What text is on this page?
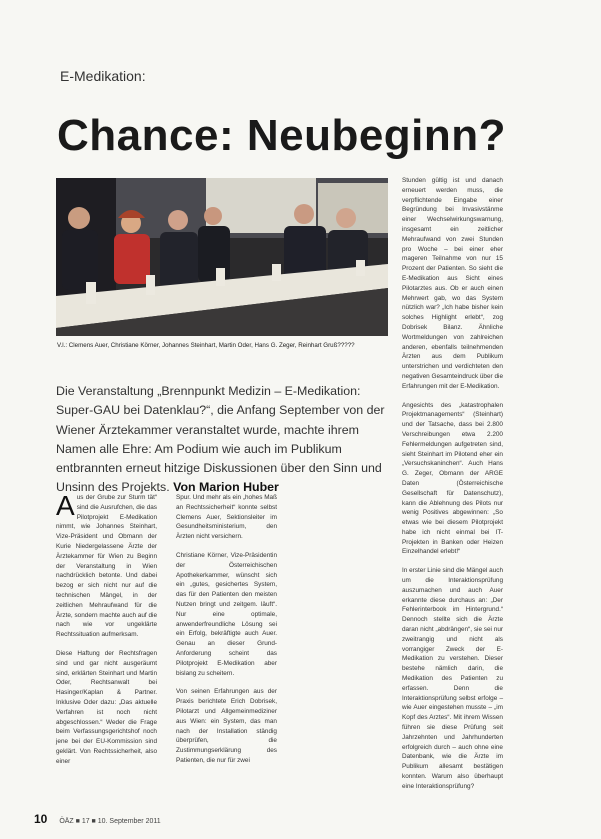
E-Medikation:
Chance: Neubeginn?
V.l.: Clemens Auer, Christiane Körner, Johannes Steinhart, Martin Oder, Hans G. Zeger, Reinhart Gruß?????
Die Veranstaltung „Brennpunkt Medizin – E-Medikation: Super-GAU bei Datenklau?“, die Anfang September von der Wiener Ärztekammer veranstaltet wurde, machte ihrem Namen alle Ehre: Am Podium wie auch im Publikum entbrannten erneut hitzige Diskussionen über den Sinn und Unsinn des Projekts. Von Marion Huber

Aus der Grube zur Sturm tät“ sind die Ausrufchen, die das Pilotprojekt E-Medikation nimmt, wie Johannes Steinhart, Vize-Präsident und Obmann der Kurie Niedergelassene Ärzte der Ärztekammer für Wien zu Beginn der Veranstaltung in Wien nachdrücklich betonte. Und dabei bezog er sich nicht nur auf die technischen Mängel, in der zeitlichen Mehraufwand für die Ärzte, sondern machte auch auf die nach wie vor ungeklärte Rechtssituation aufmerksam.

Diese Haftung der Rechtsfragen sind und gar nicht ausgeräumt sind, erklärten Steinhart und Martin Oder, Rechtsanwalt bei Hasinger/Kaplan & Partner. Inklusive Oder dazu: „Das aktuelle Verfahren ist noch nicht abgeschlossen.“ Weder die Frage beim Verfassungsgerichtshof noch jene bei der EU-Kommission sind geklärt. Von Rechtssicherheit, also einer

Spur. Und mehr als ein „hohes Maß an Rechtssicherheit“ konnte selbst Clemens Auer, Sektionsleiter im Gesundheitsministerium, den Ärzten nicht versichern.

Christiane Körner, Vize-Präsidentin der Österreichischen Apothekerkammer, wünscht sich ein „gutes, gesichertes System, das für den Patienten den meisten Nutzen bringt und zeitgem. läuft“. Nur eine optimale, anwenderfreundliche Lösung sei ein Erfolg, bekräftigte auch Auer. Genau an dieser Grund-Anforderung scheint das Pilotprojekt E-Medikation aber bislang zu scheitern.

Von seinen Erfahrungen aus der Praxis berichtete Erich Dobrisek, Pilotarzt und Allgemeinmediziner aus Wien: ein System, das man nach der Installation ständig überprüfen, die Zustimmungserklärung des Patienten, die nur für zwei

Stunden gültig ist und danach erneuert werden muss, die verpflichtende Eingabe einer Begründung bei Invasivstänme einer Wechselwirkungswarnung, insgesamt ein zeitlicher Mehraufwand von zwei Stunden pro Woche – bei einer eher mageren Teilnahme von nur 15 Prozent der Patienten. So sieht die E-Medikation aus Sicht eines Pilotarztes aus. Ob er auch einen Mehrwert gab, wo das System nützlich war? „Ich habe bisher kein solches Highlight erlebt“, zog Dobrisek Bilanz. Ähnliche Wortmeldungen von zahlreichen anderen, ebenfalls teilnehmenden Ärzten aus dem Publikum unterstrichen und verdichteten den negativen Gesamteindruck über die Erfahrungen mit der E-Medikation.

Angesichts des „katastrophalen Projektmanagements“ (Steinhart) und der Tatsache, dass bei 2.800 Verschreibungen etwa 2.200 Fehlermeldungen aufgetreten sind, sieht Steinhart im Pilotend eher ein „Versuchskaninchen“. Auch Hans G. Zeger, Obmann der ARGE Daten (Österreichische Gesellschaft für Datenschutz), kann die Ablehnung des Pilots nur wenig Positives abgewinnen: „So etwas wie bei diesem Pilotprojekt habe ich nicht einmal bei IT-Projekten in Banken oder Heizen Einzelhandel erlebt!“

In erster Linie sind die Mängel auch um die Interaktionsprüfung auszumachen und auch Auer erkannte diese durchaus an: „Der Fehlerinterbook im Hintergrund.“ Dennoch stellte sich die Ärzte daran nicht „abdrängen“, sie sei nur zweitrangig und nicht als vorrangiger Zweck der E-Medikation zu verstehen. Dieser bestehe nämlich darin, die Medikation des Patienten zu erfassen. Denn die Interaktionsprüfung selbst erfolge – wie Auer eingestehen musste – „im Kopf des Arztes“. Mit ihrem Wissen führen sie diese Prüfung seit Jahrzehnten und Jahrhunderten erfolgreich durch – auch ohne eine Datenbank, wie die Ärzte im Publikum allesamt bestätigen konnten. Warum also überhaupt eine Interaktionsprüfung?

10 ÖÄZ ■ 17 ■ 10. September 2011
